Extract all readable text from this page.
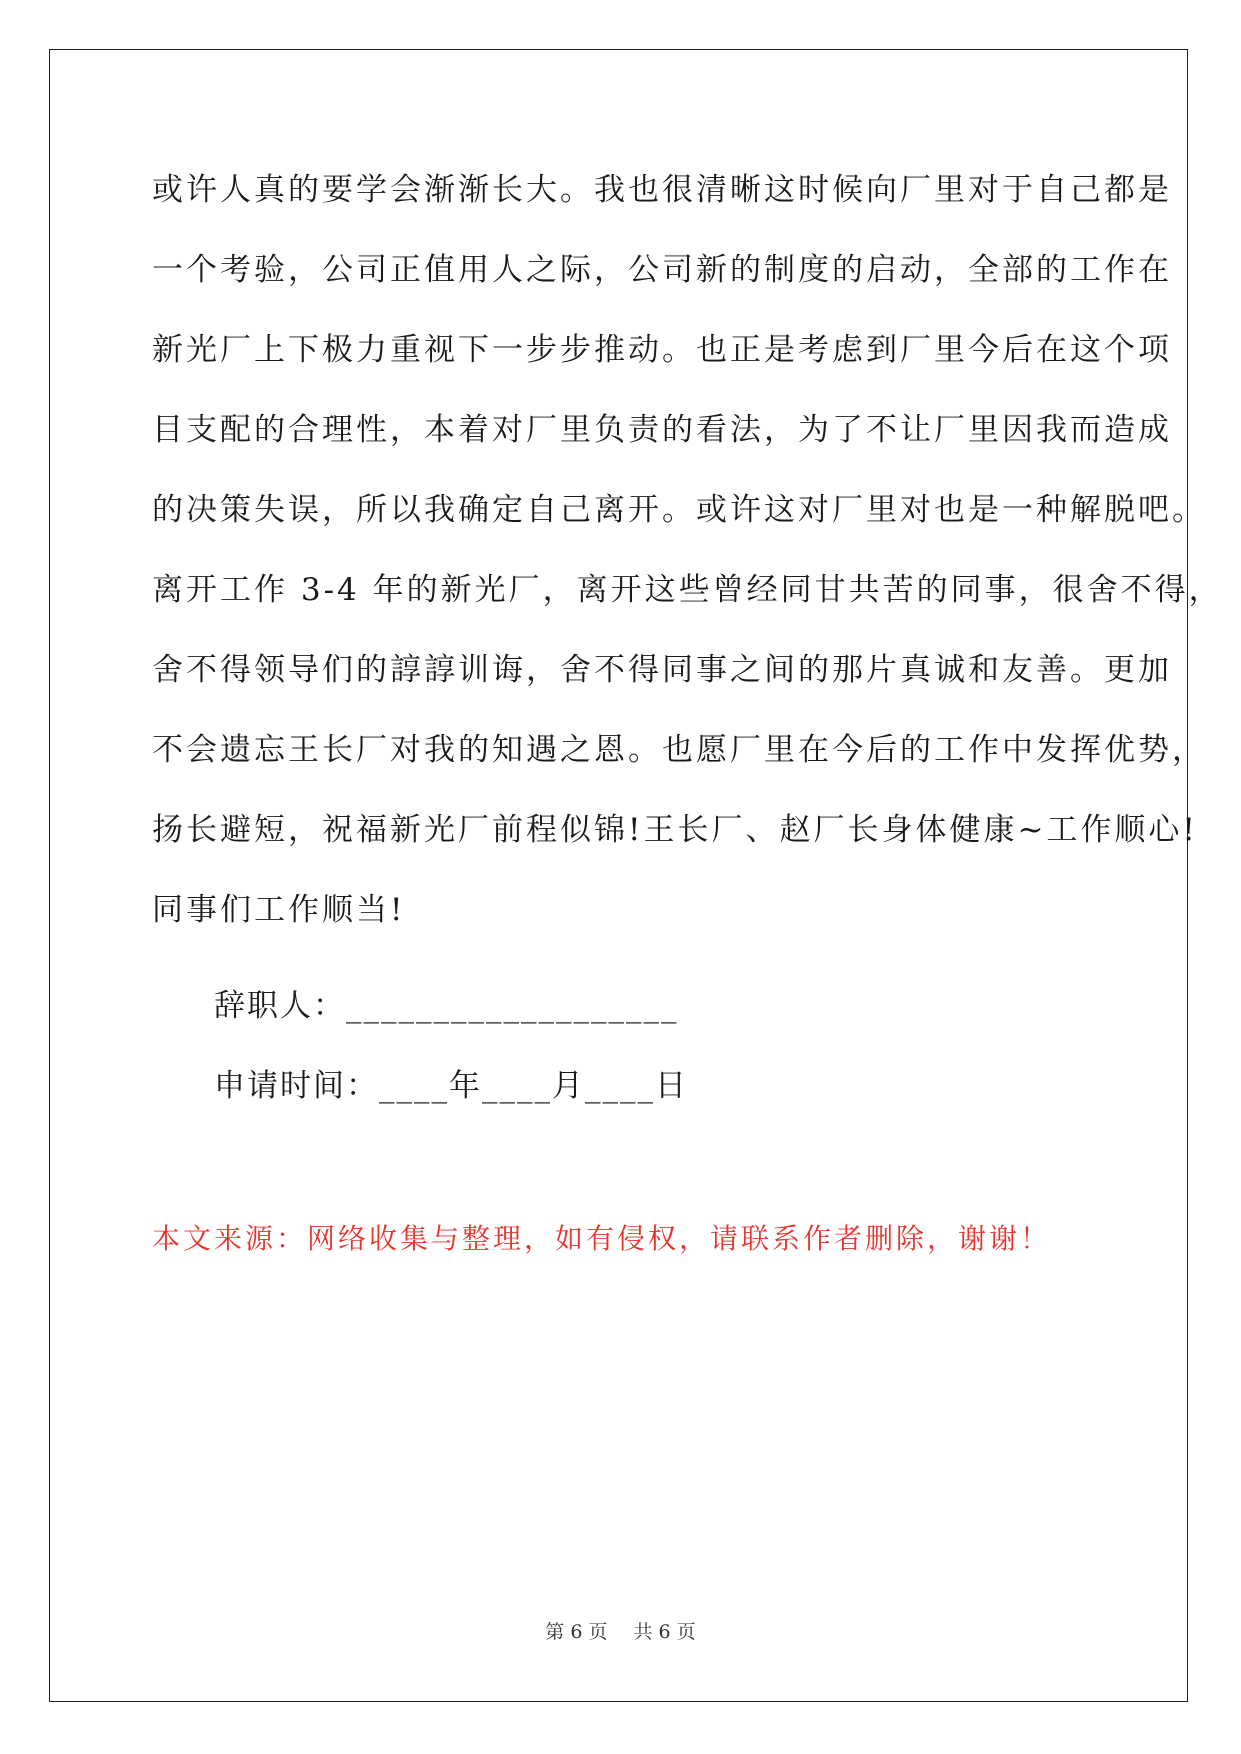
或许人真的要学会渐渐长大。我也很清晰这时候向厂里对于自己都是
一个考验，公司正值用人之际，公司新的制度的启动，全部的工作在
新光厂上下极力重视下一步步推动。也正是考虑到厂里今后在这个项
目支配的合理性，本着对厂里负责的看法，为了不让厂里因我而造成
的决策失误，所以我确定自己离开。或许这对厂里对也是一种解脱吧。
离开工作 3-4 年的新光厂，离开这些曾经同甘共苦的同事，很舍不得，
舍不得领导们的諄諄训诲，舍不得同事之间的那片真诚和友善。更加
不会遗忘王长厂对我的知遇之恩。也愿厂里在今后的工作中发挥优势，
扬长避短，祝福新光厂前程似锦!王长厂、赵厂长身体健康~工作顺心!
同事们工作顺当!
辞职人：___________________
申请时间：____年____月____日
本文来源：网络收集与整理，如有侵权，请联系作者删除，谢谢！
第 6 页 共 6 页
